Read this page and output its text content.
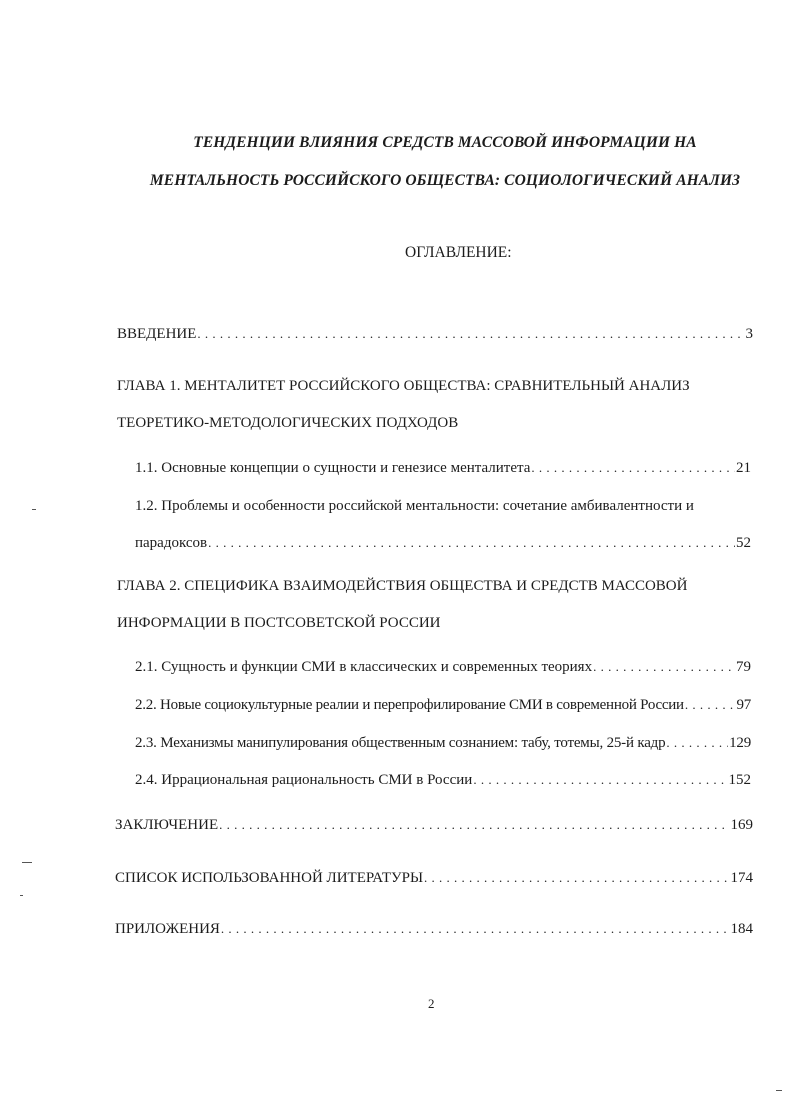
ТЕНДЕНЦИИ ВЛИЯНИЯ СРЕДСТВ МАССОВОЙ ИНФОРМАЦИИ НА
МЕНТАЛЬНОСТЬ РОССИЙСКОГО ОБЩЕСТВА: СОЦИОЛОГИЧЕСКИЙ АНАЛИЗ
ОГЛАВЛЕНИЕ:
ВВЕДЕНИЕ . . .	3
ГЛАВА 1. МЕНТАЛИТЕТ РОССИЙСКОГО ОБЩЕСТВА: СРАВНИТЕЛЬНЫЙ АНАЛИЗ
ТЕОРЕТИКО-МЕТОДОЛОГИЧЕСКИХ ПОДХОДОВ
1.1. Основные концепции о сущности и генезисе менталитета . . .	21
1.2. Проблемы и особенности российской ментальности: сочетание амбивалентности и
парадоксов . . .	52
ГЛАВА 2. СПЕЦИФИКА ВЗАИМОДЕЙСТВИЯ ОБЩЕСТВА И СРЕДСТВ МАССОВОЙ
ИНФОРМАЦИИ В ПОСТСОВЕТСКОЙ РОССИИ
2.1. Сущность и функции СМИ в классических и современных теориях . . .	79
2.2. Новые социокультурные реалии и перепрофилирование СМИ в современной России . . .	97
2.3. Механизмы манипулирования общественным сознанием: табу, тотемы, 25-й кадр . . .	129
2.4. Иррациональная рациональность СМИ в России . . .	152
ЗАКЛЮЧЕНИЕ . . .	169
СПИСОК ИСПОЛЬЗОВАННОЙ ЛИТЕРАТУРЫ . . .	174
ПРИЛОЖЕНИЯ . . .	184
2
